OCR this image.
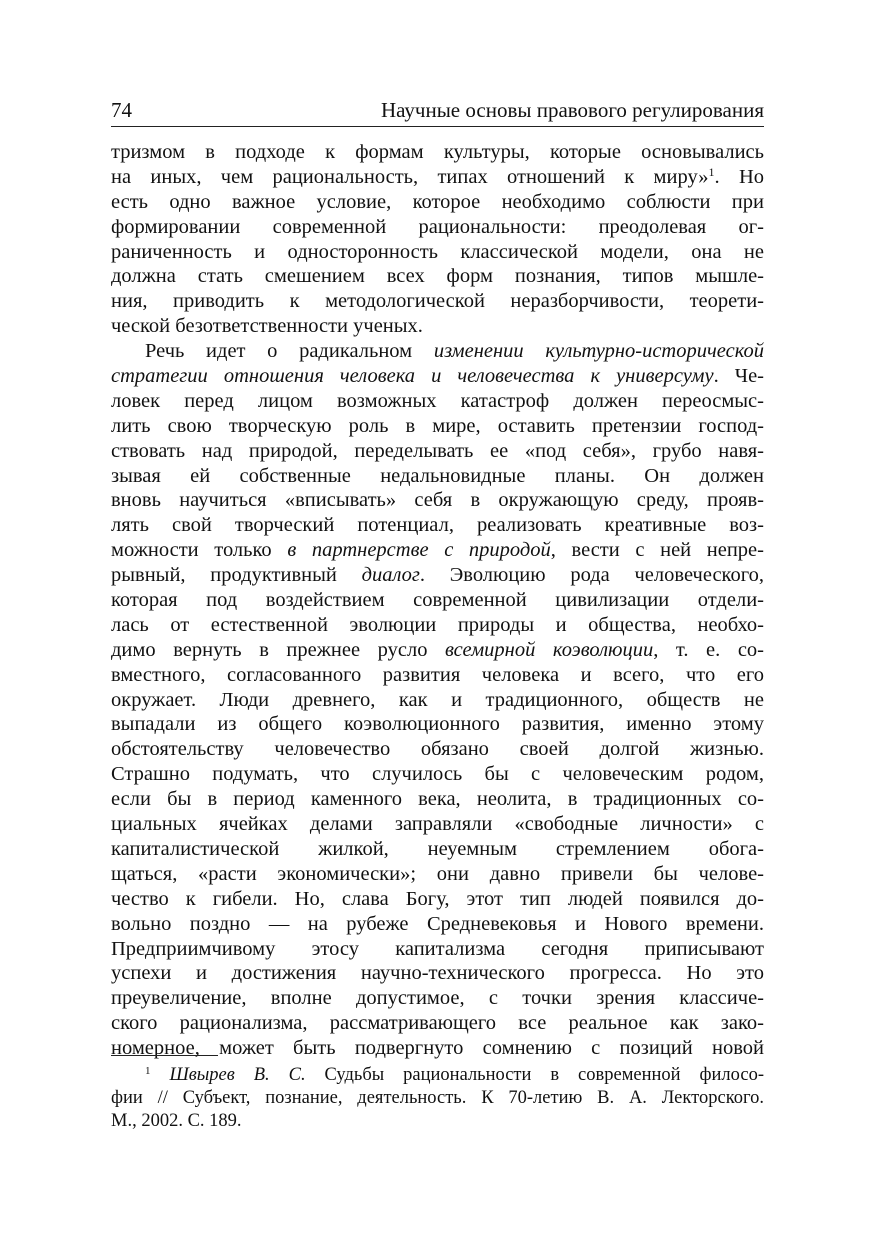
74	Научные основы правового регулирования
тризмом в подходе к формам культуры, которые основывались
на иных, чем рациональность, типах отношений к миру»$^1$. Но
есть одно важное условие, которое необходимо соблюсти при
формировании современной рациональности: преодолевая ог-
раниченность и односторонность классической модели, она не
должна стать смешением всех форм познания, типов мышле-
ния, приводить к методологической неразборчивости, теорети-
ческой безответственности ученых.
Речь идет о радикальном изменении культурно-исторической
стратегии отношения человека и человечества к универсуму. Че-
ловек перед лицом возможных катастроф должен переосмыс-
лить свою творческую роль в мире, оставить претензии господ-
ствовать над природой, переделывать ее «под себя», грубо навя-
зывая ей собственные недальновидные планы. Он должен
вновь научиться «вписывать» себя в окружающую среду, прояв-
лять свой творческий потенциал, реализовать креативные воз-
можности только в партнерстве с природой, вести с ней непре-
рывный, продуктивный диалог. Эволюцию рода человеческого,
которая под воздействием современной цивилизации отдели-
лась от естественной эволюции природы и общества, необхо-
димо вернуть в прежнее русло всемирной коэволюции, т. е. со-
вместного, согласованного развития человека и всего, что его
окружает. Люди древнего, как и традиционного, обществ не
выпадали из общего коэволюционного развития, именно этому
обстоятельству человечество обязано своей долгой жизнью.
Страшно подумать, что случилось бы с человеческим родом,
если бы в период каменного века, неолита, в традиционных со-
циальных ячейках делами заправляли «свободные личности» с
капиталистической жилкой, неуемным стремлением обога-
щаться, «расти экономически»; они давно привели бы челове-
чество к гибели. Но, слава Богу, этот тип людей появился до-
вольно поздно — на рубеже Средневековья и Нового времени.
Предприимчивому этосу капитализма сегодня приписывают
успехи и достижения научно-технического прогресса. Но это
преувеличение, вполне допустимое, с точки зрения классиче-
ского рационализма, рассматривающего все реальное как зако-
номерное, может быть подвергнуто сомнению с позиций новой
$^1$ Швырев В. С. Судьбы рациональности в современной филосо-
фии // Субъект, познание, деятельность. К 70-летию В. А. Лекторского.
М., 2002. С. 189.
